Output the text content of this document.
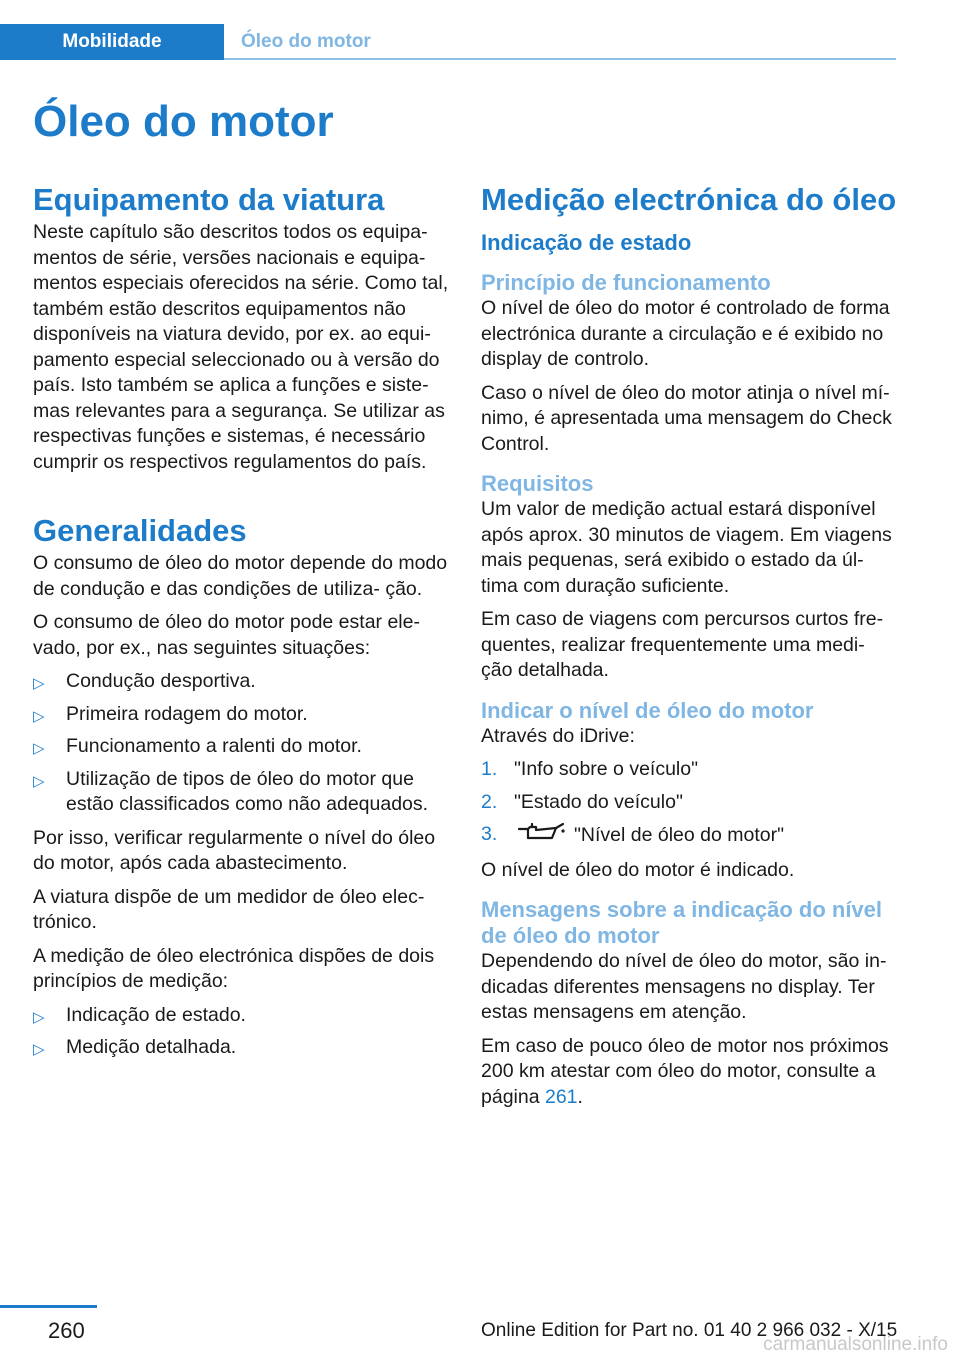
Mobilidade	Óleo do motor
Óleo do motor
Equipamento da viatura

Neste capítulo são descritos todos os equipa‐ mentos de série, versões nacionais e equipa‐ mentos especiais oferecidos na série. Como tal, também estão descritos equipamentos não disponíveis na viatura devido, por ex. ao equi‐ pamento especial seleccionado ou à versão do país. Isto também se aplica a funções e siste‐ mas relevantes para a segurança. Se utilizar as respectivas funções e sistemas, é necessário cumprir os respectivos regulamentos do país.

Generalidades

O consumo de óleo do motor depende do modo de condução e das condições de utiliza‐ ção.

O consumo de óleo do motor pode estar ele‐ vado, por ex., nas seguintes situações:

▷ Condução desportiva.
▷ Primeira rodagem do motor.
▷ Funcionamento a ralenti do motor.
▷ Utilização de tipos de óleo do motor que estão classificados como não adequados.

Por isso, verificar regularmente o nível do óleo do motor, após cada abastecimento.

A viatura dispõe de um medidor de óleo elec‐ trónico.

A medição de óleo electrónica dispões de dois princípios de medição:

▷ Indicação de estado.
▷ Medição detalhada.
Medição electrónica do óleo
Indicação de estado
Princípio de funcionamento

O nível de óleo do motor é controlado de forma electrónica durante a circulação e é exibido no display de controlo.

Caso o nível de óleo do motor atinja o nível mí‐ nimo, é apresentada uma mensagem do Check Control.

Requisitos

Um valor de medição actual estará disponível após aprox. 30 minutos de viagem. Em viagens mais pequenas, será exibido o estado da úl‐ tima com duração suficiente.

Em caso de viagens com percursos curtos fre‐ quentes, realizar frequentemente uma medi‐ ção detalhada.

Indicar o nível de óleo do motor

Através do iDrive:

1. "Info sobre o veículo"
2. "Estado do veículo"
3.	"Nível de óleo do motor"

O nível de óleo do motor é indicado.

Mensagens sobre a indicação do nível de óleo do motor

Dependendo do nível de óleo do motor, são in‐ dicadas diferentes mensagens no display. Ter estas mensagens em atenção.

Em caso de pouco óleo de motor nos próximos 200 km atestar com óleo do motor, consulte a página 261.

260	Online Edition for Part no. 01 40 2 966 032 - X/15
carmanualsonline.info
